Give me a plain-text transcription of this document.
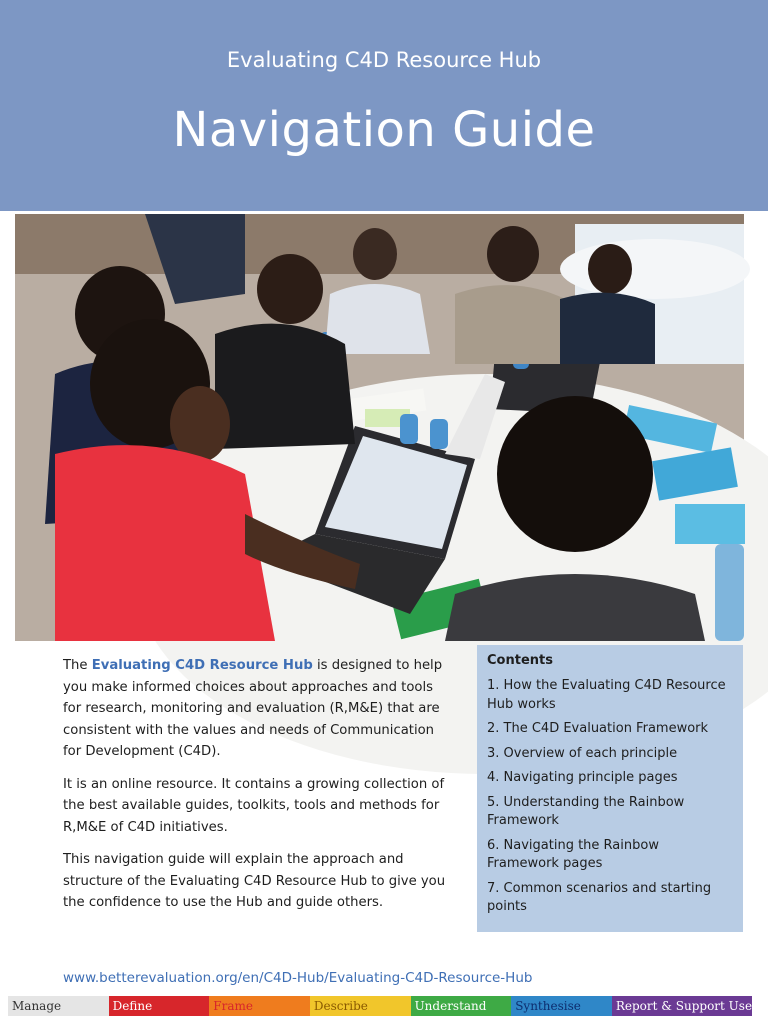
Evaluating C4D Resource Hub
Navigation Guide

The Evaluating C4D Resource Hub is designed to help you make informed choices about approaches and tools for research, monitoring and evaluation (R,M&E) that are consistent with the values and needs of Communication for Development (C4D).

It is an online resource. It contains a growing collection of the best available guides, toolkits, tools and methods for R,M&E of C4D initiatives.

This navigation guide will explain the approach and structure of the Evaluating C4D Resource Hub to give you the confidence to use the Hub and guide others.

Contents
1. How the Evaluating C4D Resource Hub works
2. The C4D Evaluation Framework
3. Overview of each principle
4. Navigating principle pages
5. Understanding the Rainbow Framework
6. Navigating the Rainbow Framework pages
7. Common scenarios and starting points
www.betterevaluation.org/en/C4D-Hub/Evaluating-C4D-Resource-Hub
Manage	Define	Frame	Describe	Understand	Synthesise	Report & Support Use
